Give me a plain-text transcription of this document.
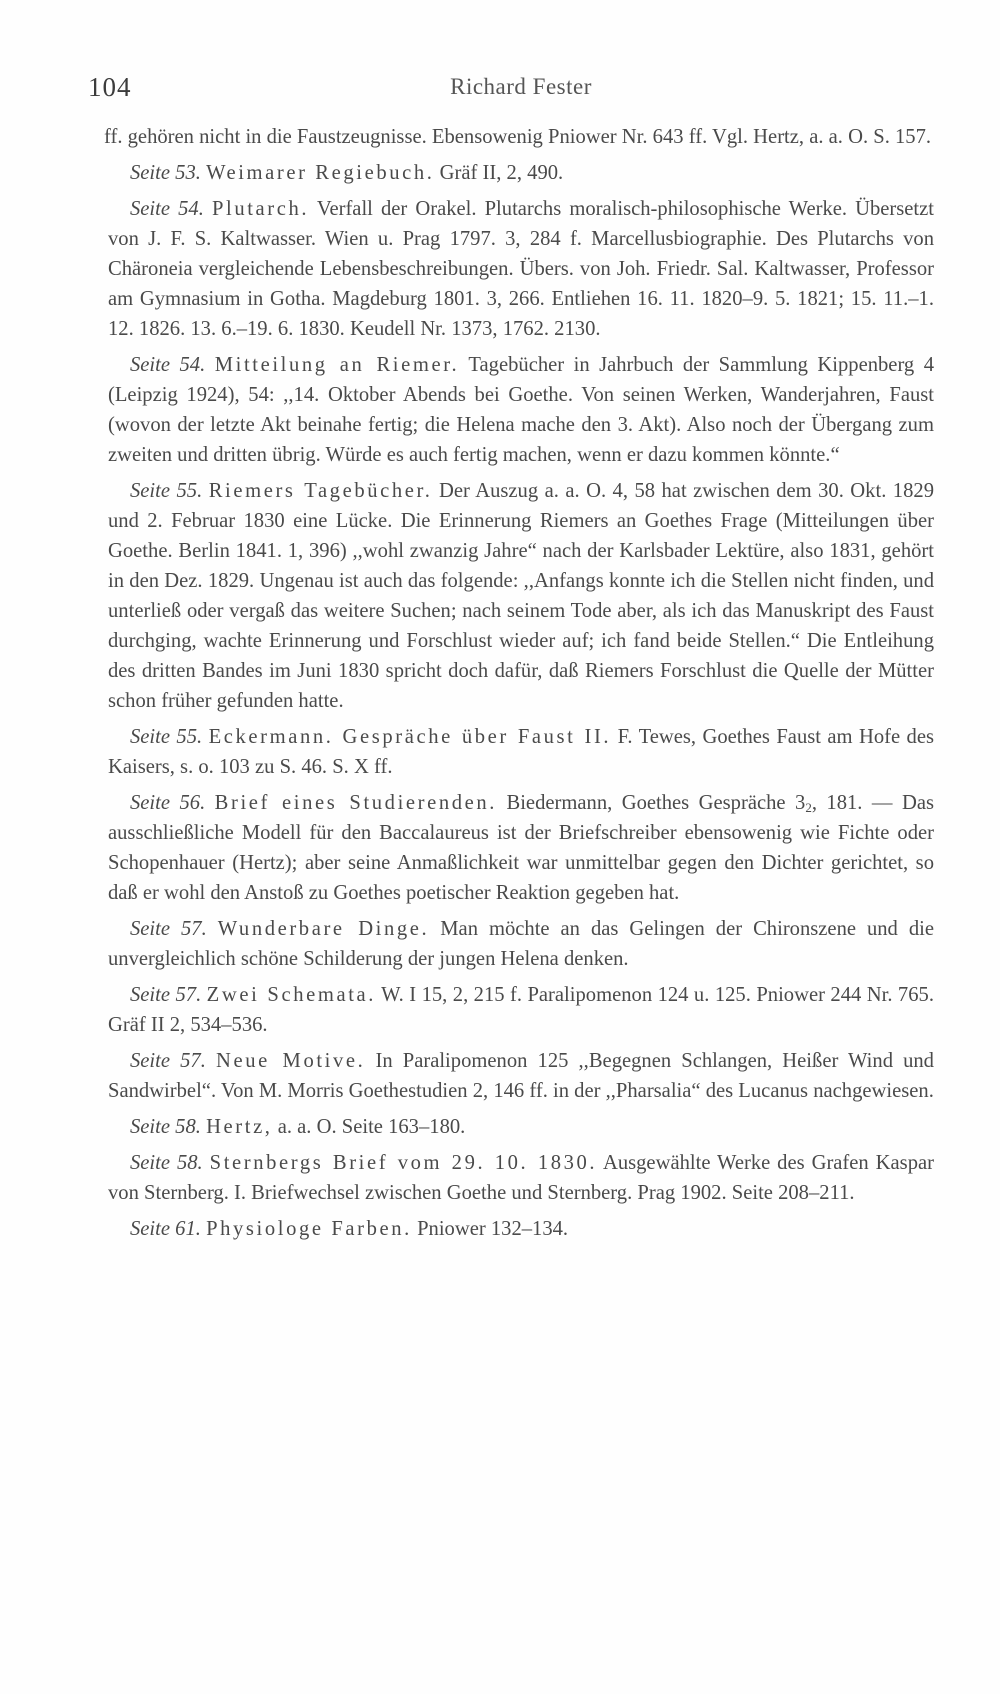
104	Richard Fester

ff. gehören nicht in die Faustzeugnisse. Ebensowenig Pniower Nr. 643 ff. Vgl. Hertz, a. a. O. S. 157.

Seite 53. Weimarer Regiebuch. Gräf II, 2, 490.

Seite 54. Plutarch. Verfall der Orakel. Plutarchs moralisch-philosophische Werke. Übersetzt von J. F. S. Kaltwasser. Wien u. Prag 1797. 3, 284 f. Marcellusbiographie. Des Plutarchs von Chäroneia vergleichende Lebensbeschreibungen. Übers. von Joh. Friedr. Sal. Kaltwasser, Professor am Gymnasium in Gotha. Magdeburg 1801. 3, 266. Entliehen 16. 11. 1820–9. 5. 1821; 15. 11.–1. 12. 1826. 13. 6.–19. 6. 1830. Keudell Nr. 1373, 1762. 2130.

Seite 54. Mitteilung an Riemer. Tagebücher in Jahrbuch der Sammlung Kippenberg 4 (Leipzig 1924), 54: ,,14. Oktober Abends bei Goethe. Von seinen Werken, Wanderjahren, Faust (wovon der letzte Akt beinahe fertig; die Helena mache den 3. Akt). Also noch der Übergang zum zweiten und dritten übrig. Würde es auch fertig machen, wenn er dazu kommen könnte.“

Seite 55. Riemers Tagebücher. Der Auszug a. a. O. 4, 58 hat zwischen dem 30. Okt. 1829 und 2. Februar 1830 eine Lücke. Die Erinnerung Riemers an Goethes Frage (Mitteilungen über Goethe. Berlin 1841. 1, 396) ,,wohl zwanzig Jahre“ nach der Karlsbader Lektüre, also 1831, gehört in den Dez. 1829. Ungenau ist auch das folgende: ,,Anfangs konnte ich die Stellen nicht finden, und unterließ oder vergaß das weitere Suchen; nach seinem Tode aber, als ich das Manuskript des Faust durchging, wachte Erinnerung und Forschlust wieder auf; ich fand beide Stellen.“ Die Entleihung des dritten Bandes im Juni 1830 spricht doch dafür, daß Riemers Forschlust die Quelle der Mütter schon früher gefunden hatte.

Seite 55. Eckermann. Gespräche über Faust II. F. Tewes, Goethes Faust am Hofe des Kaisers, s. o. 103 zu S. 46. S. X ff.

Seite 56. Brief eines Studierenden. Biedermann, Goethes Gespräche $3_2$, 181. — Das ausschließliche Modell für den Baccalaureus ist der Briefschreiber ebensowenig wie Fichte oder Schopenhauer (Hertz); aber seine Anmaßlichkeit war unmittelbar gegen den Dichter gerichtet, so daß er wohl den Anstoß zu Goethes poetischer Reaktion gegeben hat.

Seite 57. Wunderbare Dinge. Man möchte an das Gelingen der Chironszene und die unvergleichlich schöne Schilderung der jungen Helena denken.

Seite 57. Zwei Schemata. W. I 15, 2, 215 f. Paralipomenon 124 u. 125. Pniower 244 Nr. 765. Gräf II 2, 534–536.

Seite 57. Neue Motive. In Paralipomenon 125 ,,Begegnen Schlangen, Heißer Wind und Sandwirbel“. Von M. Morris Goethestudien 2, 146 ff. in der ,,Pharsalia“ des Lucanus nachgewiesen.

Seite 58. Hertz, a. a. O. Seite 163–180.

Seite 58. Sternbergs Brief vom 29. 10. 1830. Ausgewählte Werke des Grafen Kaspar von Sternberg. I. Briefwechsel zwischen Goethe und Sternberg. Prag 1902. Seite 208–211.

Seite 61. Physiologe Farben. Pniower 132–134.
